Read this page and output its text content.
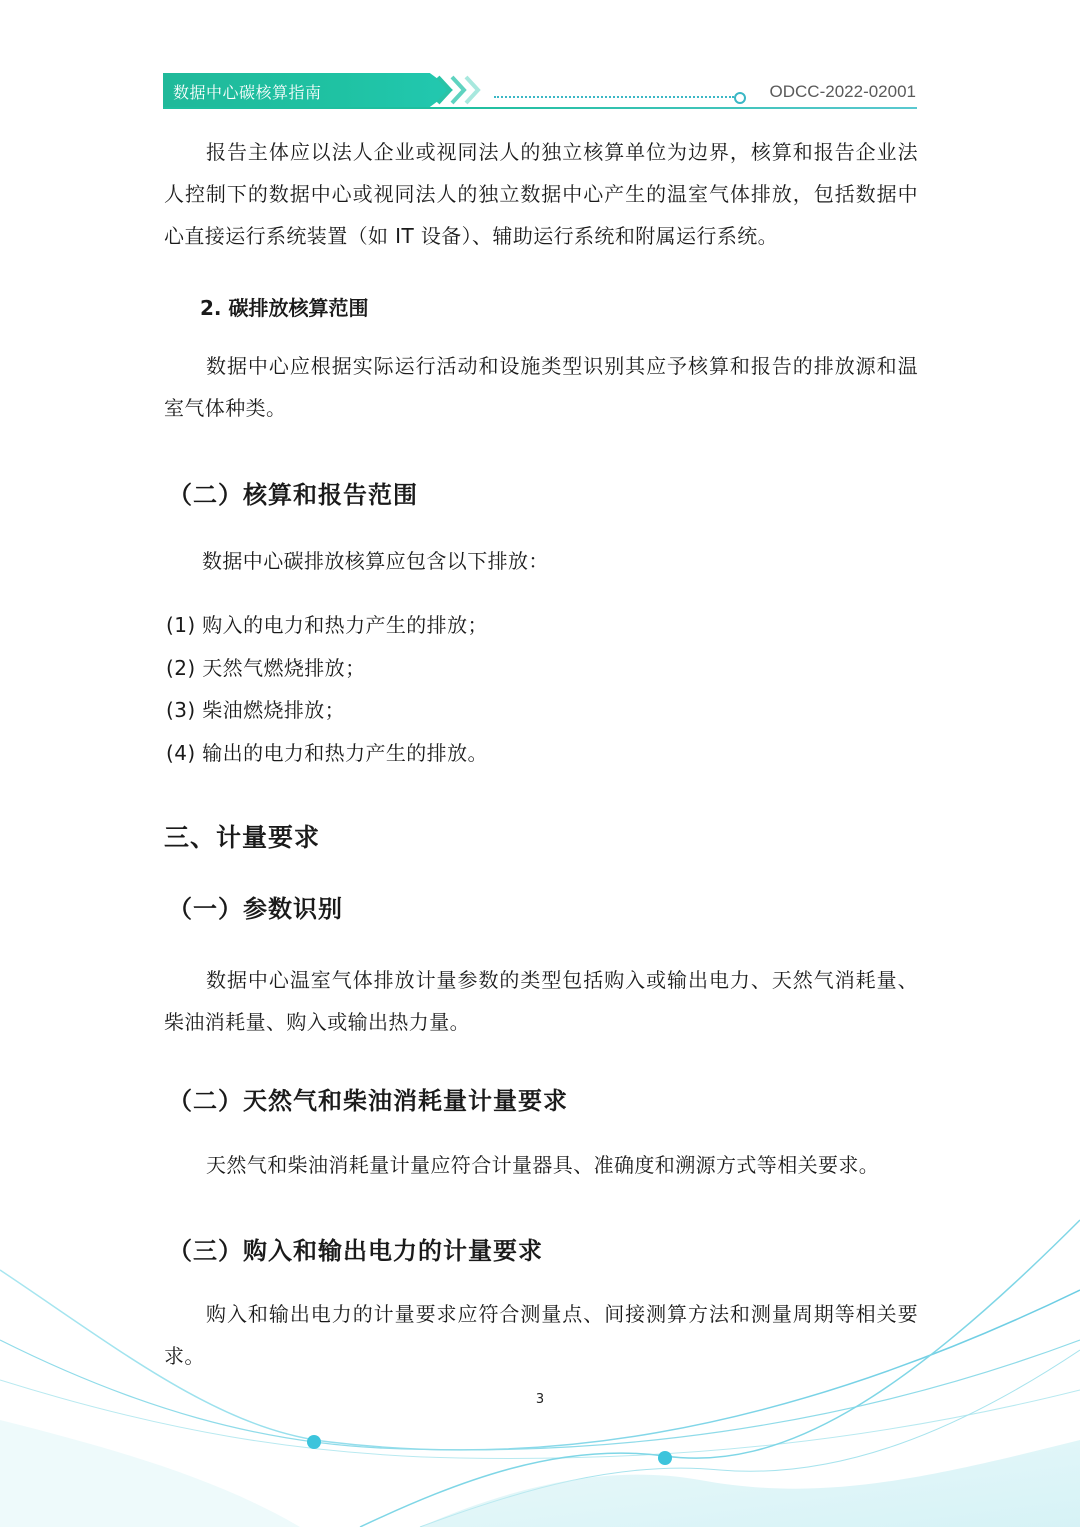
数据中心碳核算指南	ODCC-2022-02001
报告主体应以法人企业或视同法人的独立核算单位为边界，核算和报告企业法人控制下的数据中心或视同法人的独立数据中心产生的温室气体排放，包括数据中心直接运行系统装置（如 IT 设备）、辅助运行系统和附属运行系统。
2. 碳排放核算范围
数据中心应根据实际运行活动和设施类型识别其应予核算和报告的排放源和温室气体种类。
（二）核算和报告范围
数据中心碳排放核算应包含以下排放：
(1) 购入的电力和热力产生的排放；
(2) 天然气燃烧排放；
(3) 柴油燃烧排放；
(4) 输出的电力和热力产生的排放。
三、计量要求
（一）参数识别
数据中心温室气体排放计量参数的类型包括购入或输出电力、天然气消耗量、柴油消耗量、购入或输出热力量。
（二）天然气和柴油消耗量计量要求
天然气和柴油消耗量计量应符合计量器具、准确度和溯源方式等相关要求。
（三）购入和输出电力的计量要求
购入和输出电力的计量要求应符合测量点、间接测算方法和测量周期等相关要求。
3
